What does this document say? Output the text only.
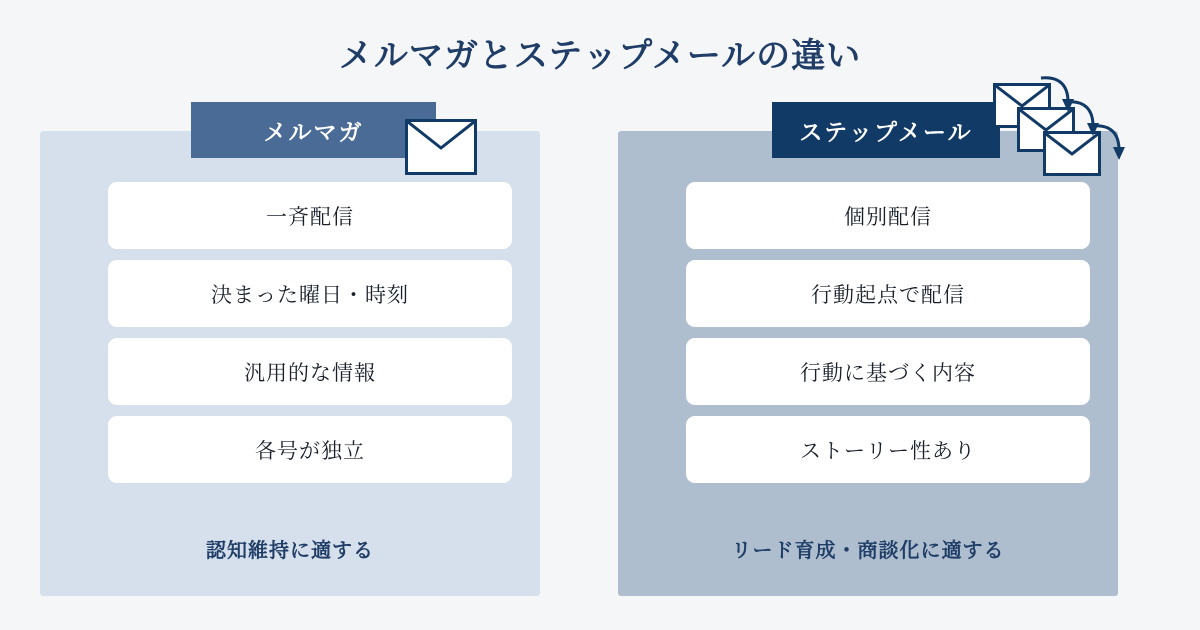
メルマガとステップメールの違い
メルマガ
一斉配信
決まった曜日・時刻
汎用的な情報
各号が独立
認知維持に適する
ステップメール
個別配信
行動起点で配信
行動に基づく内容
ストーリー性あり
リード育成・商談化に適する
